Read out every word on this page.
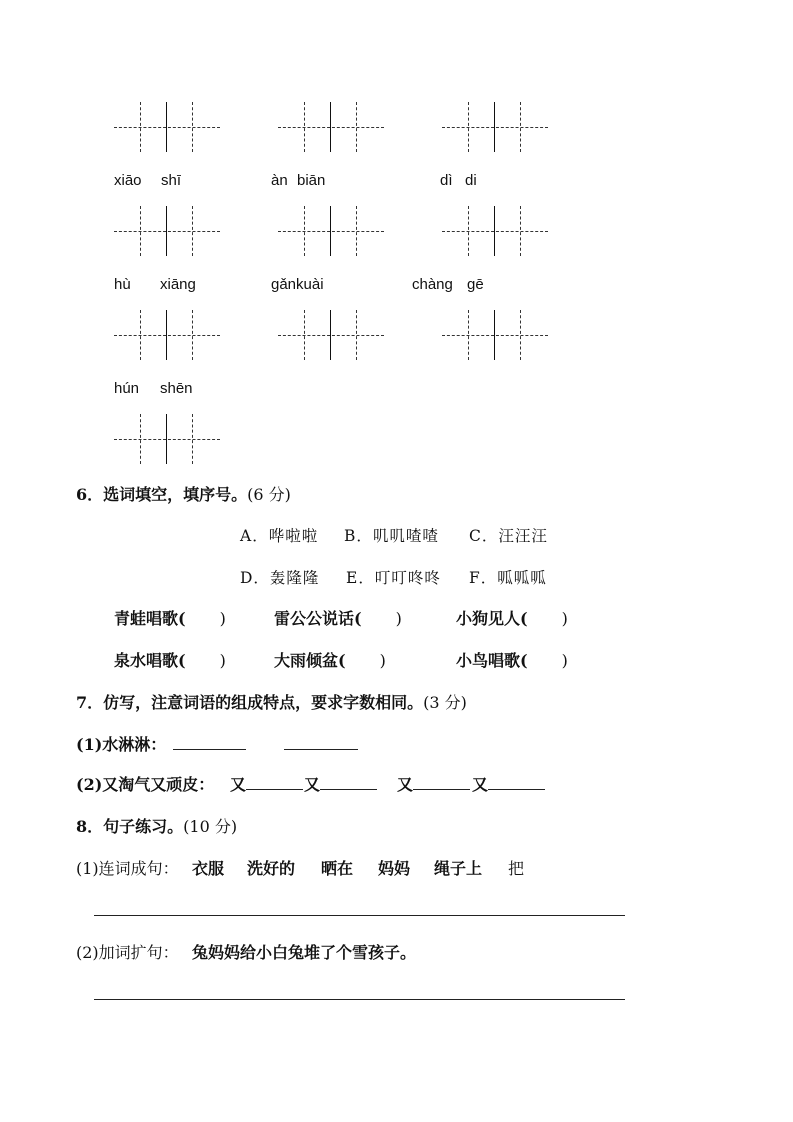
xiāo shī	àn biān	dì di
hù xiāng	gǎnkuài	chàng gē
hún shēn
6．选词填空，填序号。(6 分)
A．哗啦啦 B．叽叽喳喳 C．汪汪汪
D．轰隆隆 E．叮叮咚咚 F．呱呱呱
青蛙唱歌( )	雷公公说话( )	小狗见人( )
泉水唱歌( )	大雨倾盆( )	小鸟唱歌( )
7．仿写，注意词语的组成特点，要求字数相同。(3 分)
(1)水淋淋：
(2)又淘气又顽皮： 又	又	又	又
8．句子练习。(10 分)
(1)连词成句： 衣服 洗好的 晒在 妈妈 绳子上 把
(2)加词扩句： 兔妈妈给小白兔堆了个雪孩子。
